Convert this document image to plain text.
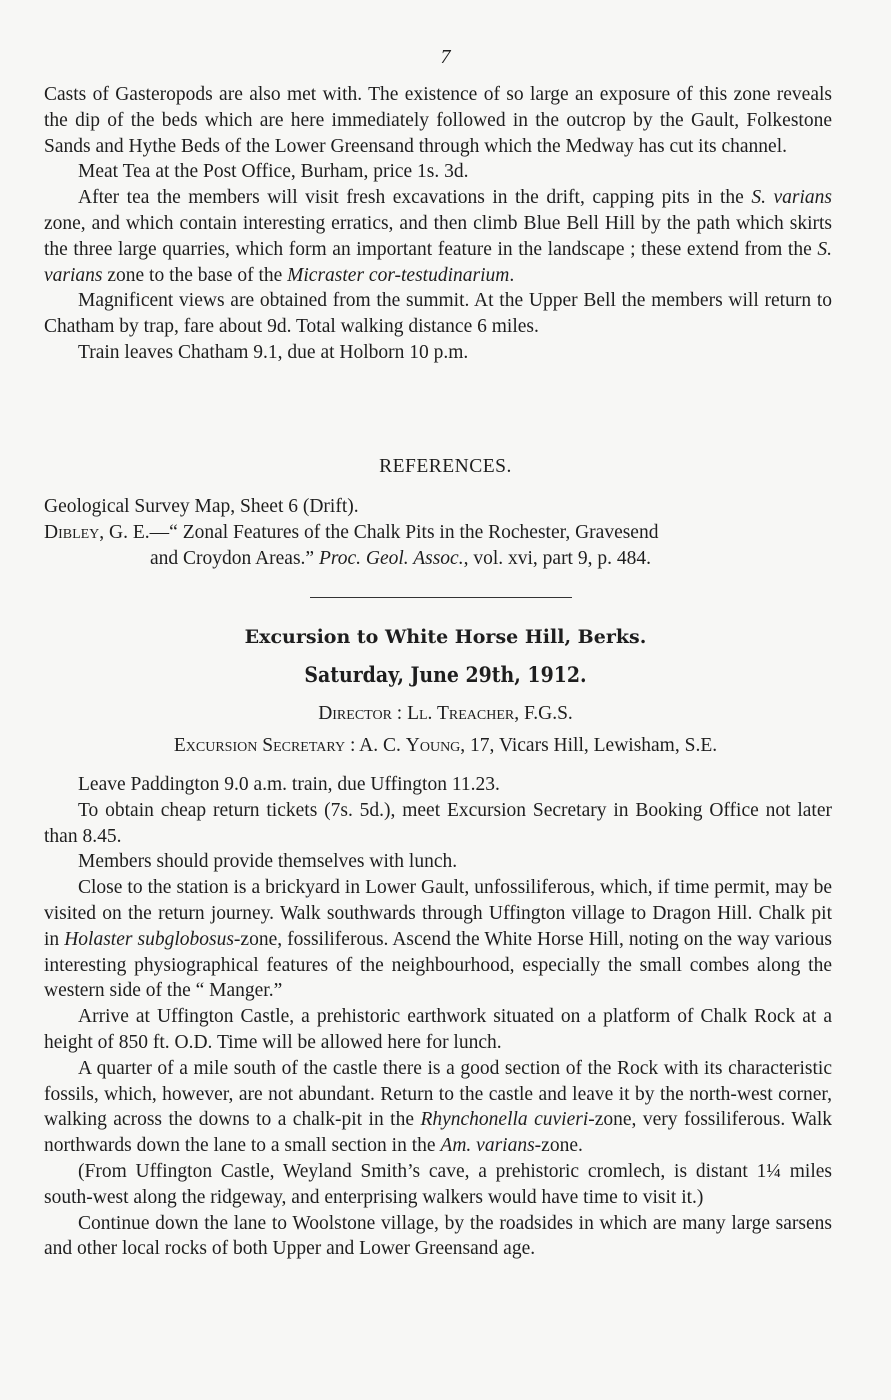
7

Casts of Gasteropods are also met with. The existence of so large an exposure of this zone reveals the dip of the beds which are here immediately followed in the outcrop by the Gault, Folkestone Sands and Hythe Beds of the Lower Greensand through which the Medway has cut its channel.

Meat Tea at the Post Office, Burham, price 1s. 3d.

After tea the members will visit fresh excavations in the drift, capping pits in the S. varians zone, and which contain interesting erratics, and then climb Blue Bell Hill by the path which skirts the three large quarries, which form an important feature in the landscape ; these extend from the S. varians zone to the base of the Micraster cor-testudinarium.

Magnificent views are obtained from the summit. At the Upper Bell the members will return to Chatham by trap, fare about 9d. Total walking distance 6 miles.

Train leaves Chatham 9.1, due at Holborn 10 p.m.

REFERENCES.

Geological Survey Map, Sheet 6 (Drift).

Dibley, G. E.—“ Zonal Features of the Chalk Pits in the Rochester, Gravesend

and Croydon Areas.” Proc. Geol. Assoc., vol. xvi, part 9, p. 484.

Excursion to White Horse Hill, Berks.
Saturday, June 29th, 1912.
Director : Ll. Treacher, F.G.S.
Excursion Secretary : A. C. Young, 17, Vicars Hill, Lewisham, S.E.

Leave Paddington 9.0 a.m. train, due Uffington 11.23.

To obtain cheap return tickets (7s. 5d.), meet Excursion Secretary in Booking Office not later than 8.45.

Members should provide themselves with lunch.

Close to the station is a brickyard in Lower Gault, unfossiliferous, which, if time permit, may be visited on the return journey. Walk southwards through Uffington village to Dragon Hill. Chalk pit in Holaster subglobosus-zone, fossiliferous. Ascend the White Horse Hill, noting on the way various interesting physiographical features of the neighbourhood, especially the small combes along the western side of the “ Manger.”

Arrive at Uffington Castle, a prehistoric earthwork situated on a platform of Chalk Rock at a height of 850 ft. O.D. Time will be allowed here for lunch.

A quarter of a mile south of the castle there is a good section of the Rock with its characteristic fossils, which, however, are not abundant. Return to the castle and leave it by the north-west corner, walking across the downs to a chalk-pit in the Rhynchonella cuvieri-zone, very fossiliferous. Walk northwards down the lane to a small section in the Am. varians-zone.

(From Uffington Castle, Weyland Smith’s cave, a prehistoric cromlech, is distant 1¼ miles south-west along the ridgeway, and enterprising walkers would have time to visit it.)

Continue down the lane to Woolstone village, by the roadsides in which are many large sarsens and other local rocks of both Upper and Lower Greensand age.
